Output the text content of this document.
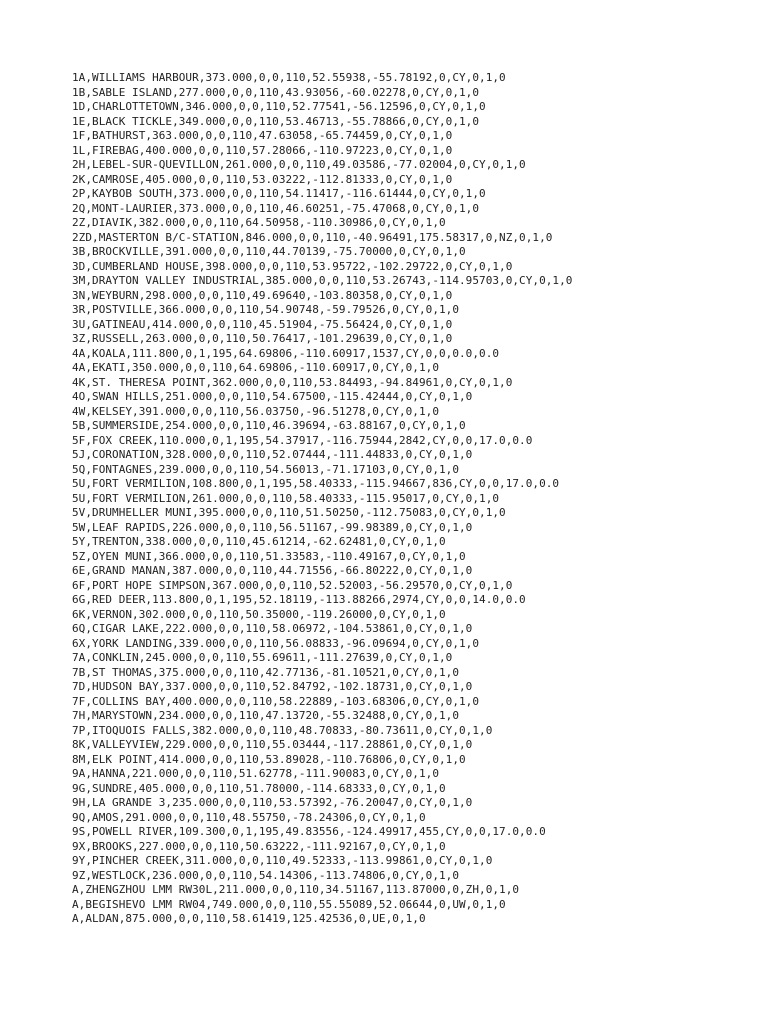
1A,WILLIAMS HARBOUR,373.000,0,0,110,52.55938,-55.78192,0,CY,0,1,0
1B,SABLE ISLAND,277.000,0,0,110,43.93056,-60.02278,0,CY,0,1,0
1D,CHARLOTTETOWN,346.000,0,0,110,52.77541,-56.12596,0,CY,0,1,0
1E,BLACK TICKLE,349.000,0,0,110,53.46713,-55.78866,0,CY,0,1,0
1F,BATHURST,363.000,0,0,110,47.63058,-65.74459,0,CY,0,1,0
1L,FIREBAG,400.000,0,0,110,57.28066,-110.97223,0,CY,0,1,0
2H,LEBEL-SUR-QUEVILLON,261.000,0,0,110,49.03586,-77.02004,0,CY,0,1,0
2K,CAMROSE,405.000,0,0,110,53.03222,-112.81333,0,CY,0,1,0
2P,KAYBOB SOUTH,373.000,0,0,110,54.11417,-116.61444,0,CY,0,1,0
2Q,MONT-LAURIER,373.000,0,0,110,46.60251,-75.47068,0,CY,0,1,0
2Z,DIAVIK,382.000,0,0,110,64.50958,-110.30986,0,CY,0,1,0
2ZD,MASTERTON B/C-STATION,846.000,0,0,110,-40.96491,175.58317,0,NZ,0,1,0
3B,BROCKVILLE,391.000,0,0,110,44.70139,-75.70000,0,CY,0,1,0
3D,CUMBERLAND HOUSE,398.000,0,0,110,53.95722,-102.29722,0,CY,0,1,0
3M,DRAYTON VALLEY INDUSTRIAL,385.000,0,0,110,53.26743,-114.95703,0,CY,0,1,0
3N,WEYBURN,298.000,0,0,110,49.69640,-103.80358,0,CY,0,1,0
3R,POSTVILLE,366.000,0,0,110,54.90748,-59.79526,0,CY,0,1,0
3U,GATINEAU,414.000,0,0,110,45.51904,-75.56424,0,CY,0,1,0
3Z,RUSSELL,263.000,0,0,110,50.76417,-101.29639,0,CY,0,1,0
4A,KOALA,111.800,0,1,195,64.69806,-110.60917,1537,CY,0,0,0.0,0.0
4A,EKATI,350.000,0,0,110,64.69806,-110.60917,0,CY,0,1,0
4K,ST. THERESA POINT,362.000,0,0,110,53.84493,-94.84961,0,CY,0,1,0
4O,SWAN HILLS,251.000,0,0,110,54.67500,-115.42444,0,CY,0,1,0
4W,KELSEY,391.000,0,0,110,56.03750,-96.51278,0,CY,0,1,0
5B,SUMMERSIDE,254.000,0,0,110,46.39694,-63.88167,0,CY,0,1,0
5F,FOX CREEK,110.000,0,1,195,54.37917,-116.75944,2842,CY,0,0,17.0,0.0
5J,CORONATION,328.000,0,0,110,52.07444,-111.44833,0,CY,0,1,0
5Q,FONTAGNES,239.000,0,0,110,54.56013,-71.17103,0,CY,0,1,0
5U,FORT VERMILION,108.800,0,1,195,58.40333,-115.94667,836,CY,0,0,17.0,0.0
5U,FORT VERMILION,261.000,0,0,110,58.40333,-115.95017,0,CY,0,1,0
5V,DRUMHELLER MUNI,395.000,0,0,110,51.50250,-112.75083,0,CY,0,1,0
5W,LEAF RAPIDS,226.000,0,0,110,56.51167,-99.98389,0,CY,0,1,0
5Y,TRENTON,338.000,0,0,110,45.61214,-62.62481,0,CY,0,1,0
5Z,OYEN MUNI,366.000,0,0,110,51.33583,-110.49167,0,CY,0,1,0
6E,GRAND MANAN,387.000,0,0,110,44.71556,-66.80222,0,CY,0,1,0
6F,PORT HOPE SIMPSON,367.000,0,0,110,52.52003,-56.29570,0,CY,0,1,0
6G,RED DEER,113.800,0,1,195,52.18119,-113.88266,2974,CY,0,0,14.0,0.0
6K,VERNON,302.000,0,0,110,50.35000,-119.26000,0,CY,0,1,0
6Q,CIGAR LAKE,222.000,0,0,110,58.06972,-104.53861,0,CY,0,1,0
6X,YORK LANDING,339.000,0,0,110,56.08833,-96.09694,0,CY,0,1,0
7A,CONKLIN,245.000,0,0,110,55.69611,-111.27639,0,CY,0,1,0
7B,ST THOMAS,375.000,0,0,110,42.77136,-81.10521,0,CY,0,1,0
7D,HUDSON BAY,337.000,0,0,110,52.84792,-102.18731,0,CY,0,1,0
7F,COLLINS BAY,400.000,0,0,110,58.22889,-103.68306,0,CY,0,1,0
7H,MARYSTOWN,234.000,0,0,110,47.13720,-55.32488,0,CY,0,1,0
7P,ITOQUOIS FALLS,382.000,0,0,110,48.70833,-80.73611,0,CY,0,1,0
8K,VALLEYVIEW,229.000,0,0,110,55.03444,-117.28861,0,CY,0,1,0
8M,ELK POINT,414.000,0,0,110,53.89028,-110.76806,0,CY,0,1,0
9A,HANNA,221.000,0,0,110,51.62778,-111.90083,0,CY,0,1,0
9G,SUNDRE,405.000,0,0,110,51.78000,-114.68333,0,CY,0,1,0
9H,LA GRANDE 3,235.000,0,0,110,53.57392,-76.20047,0,CY,0,1,0
9Q,AMOS,291.000,0,0,110,48.55750,-78.24306,0,CY,0,1,0
9S,POWELL RIVER,109.300,0,1,195,49.83556,-124.49917,455,CY,0,0,17.0,0.0
9X,BROOKS,227.000,0,0,110,50.63222,-111.92167,0,CY,0,1,0
9Y,PINCHER CREEK,311.000,0,0,110,49.52333,-113.99861,0,CY,0,1,0
9Z,WESTLOCK,236.000,0,0,110,54.14306,-113.74806,0,CY,0,1,0
A,ZHENGZHOU LMM RW30L,211.000,0,0,110,34.51167,113.87000,0,ZH,0,1,0
A,BEGISHEVO LMM RW04,749.000,0,0,110,55.55089,52.06644,0,UW,0,1,0
A,ALDAN,875.000,0,0,110,58.61419,125.42536,0,UE,0,1,0
